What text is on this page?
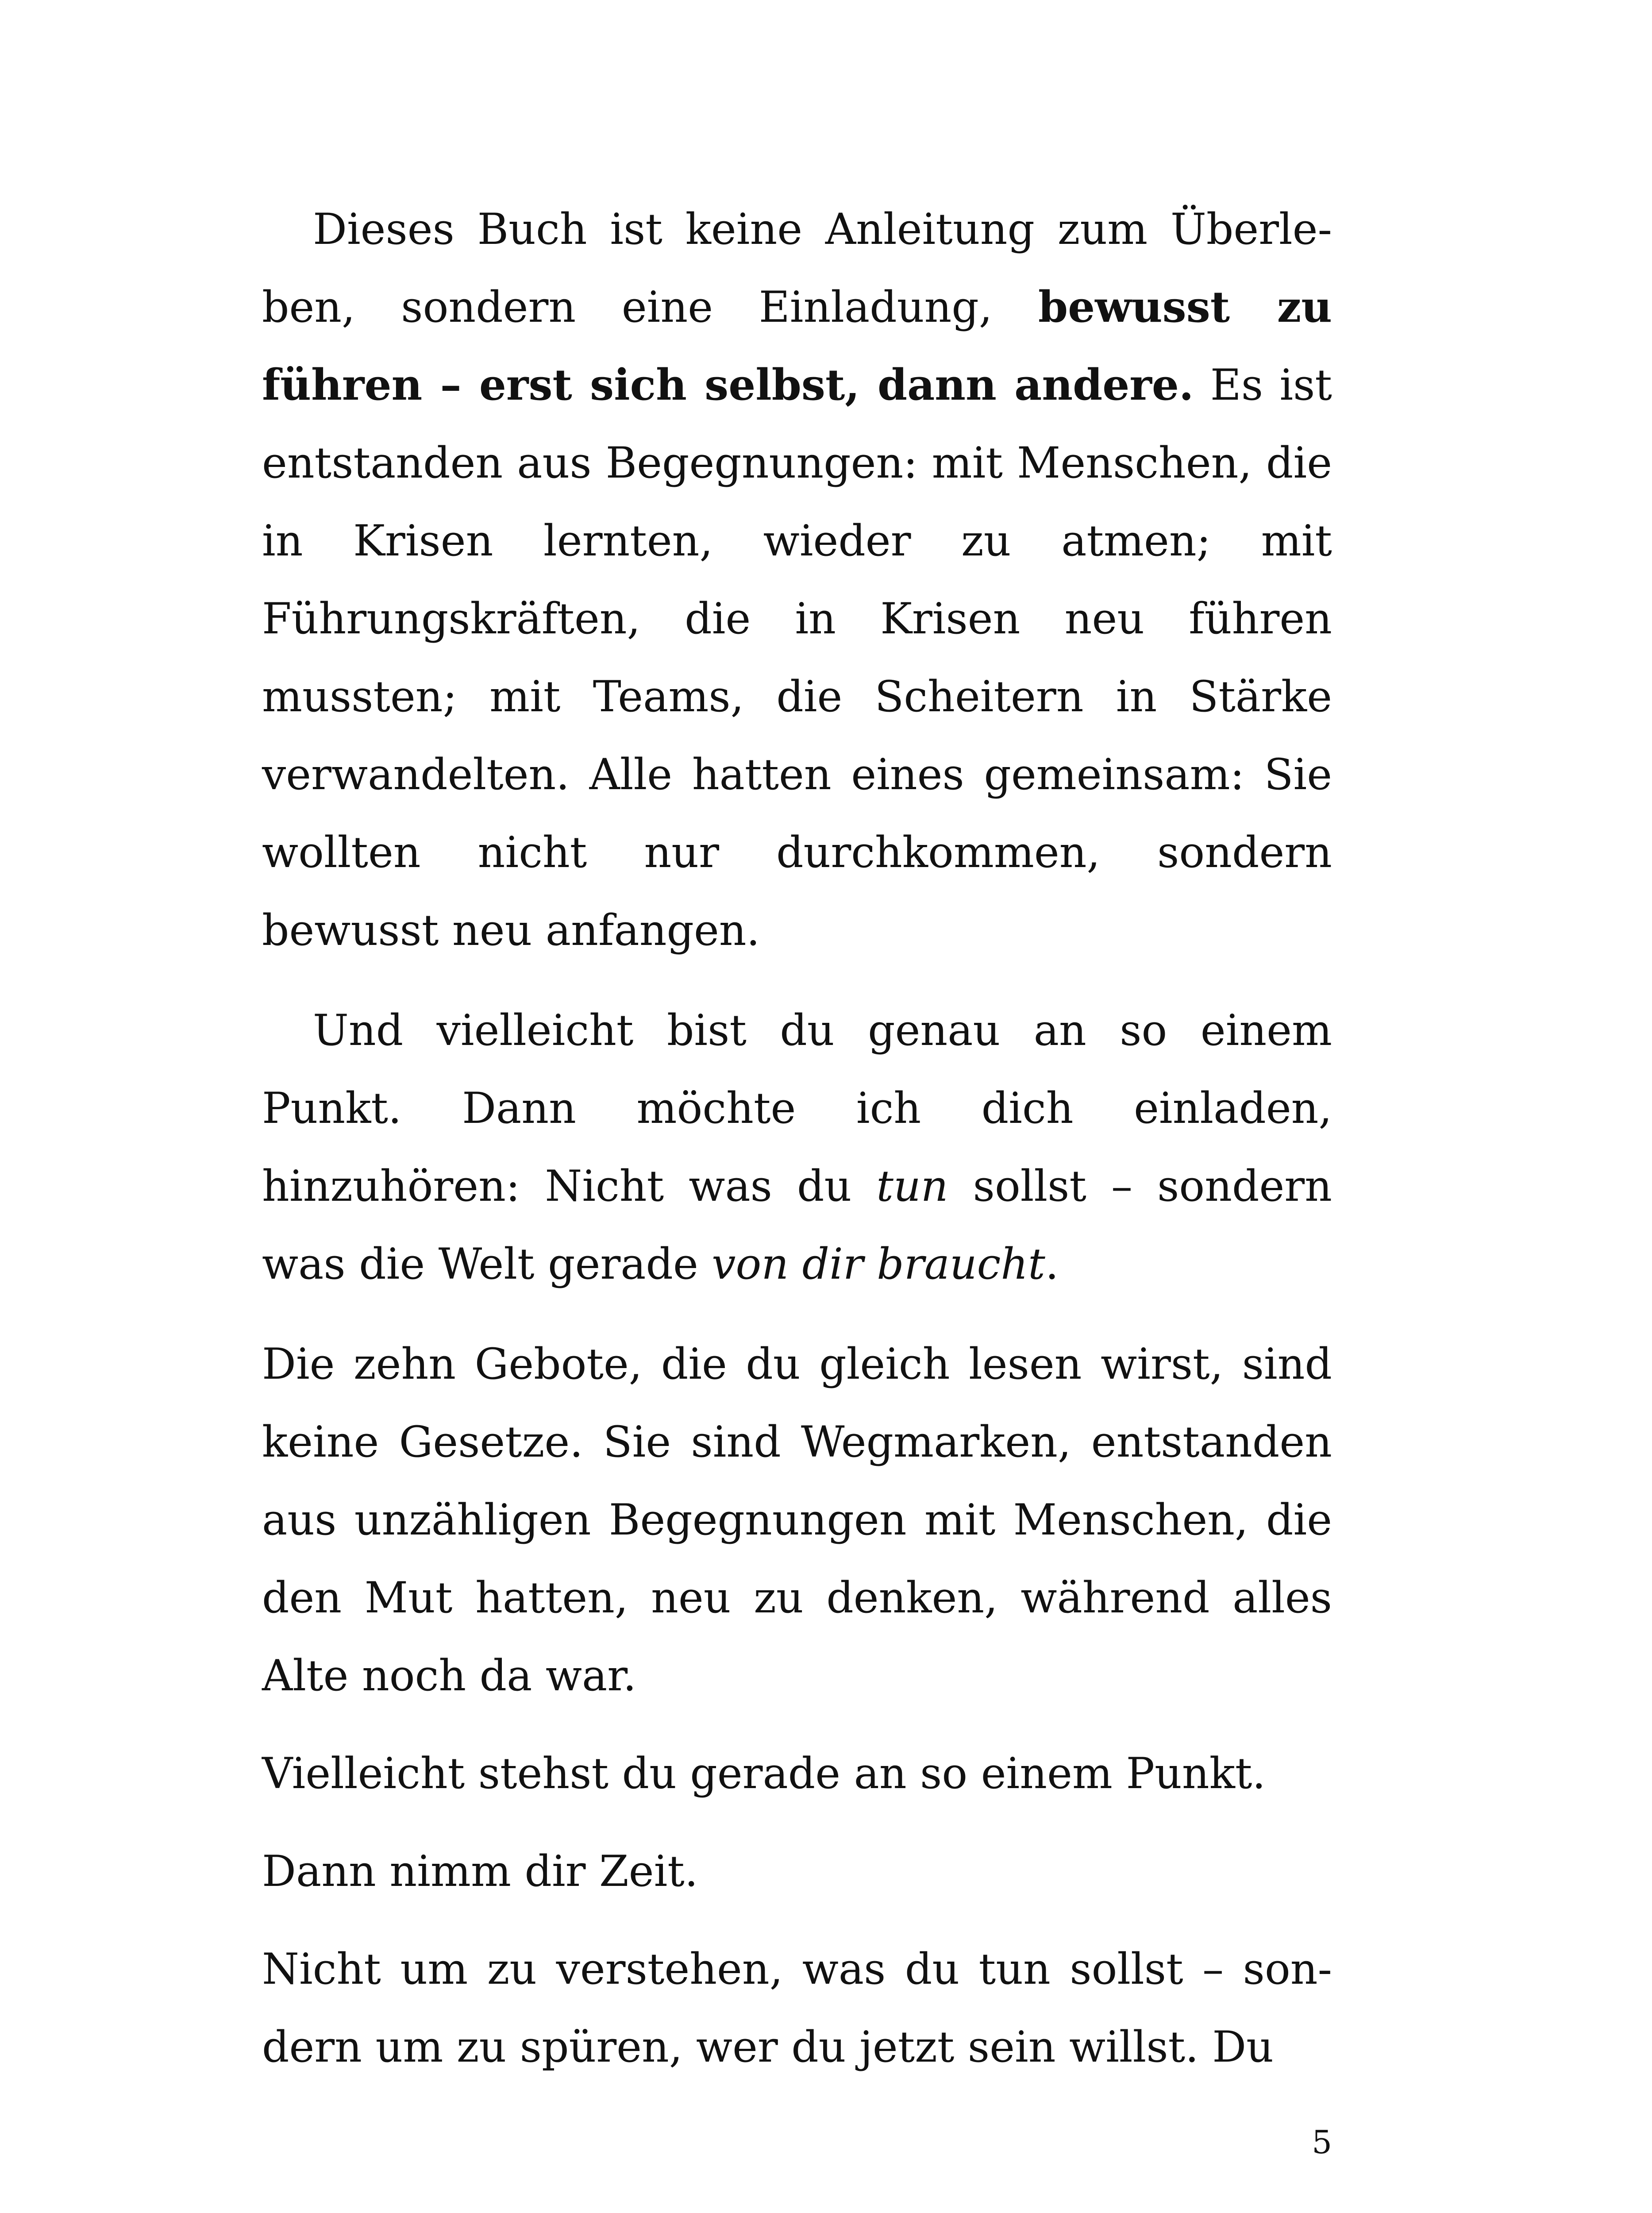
Dieses Buch ist keine Anleitung zum Überleben, sondern eine Einladung, bewusst zu führen – erst sich selbst, dann andere. Es ist entstanden aus Begegnungen: mit Menschen, die in Krisen lernten, wieder zu atmen; mit Führungskräften, die in Krisen neu führen mussten; mit Teams, die Scheitern in Stärke verwandelten. Alle hatten eines gemeinsam: Sie wollten nicht nur durchkommen, sondern bewusst neu anfangen.

Und vielleicht bist du genau an so einem Punkt. Dann möchte ich dich einladen, hinzuhören: Nicht was du tun sollst – sondern was die Welt gerade von dir braucht.

Die zehn Gebote, die du gleich lesen wirst, sind keine Gesetze. Sie sind Wegmarken, entstanden aus unzähligen Begegnungen mit Menschen, die den Mut hatten, neu zu denken, während alles Alte noch da war.

Vielleicht stehst du gerade an so einem Punkt.

Dann nimm dir Zeit.

Nicht um zu verstehen, was du tun sollst – sondern um zu spüren, wer du jetzt sein willst. Du

5
